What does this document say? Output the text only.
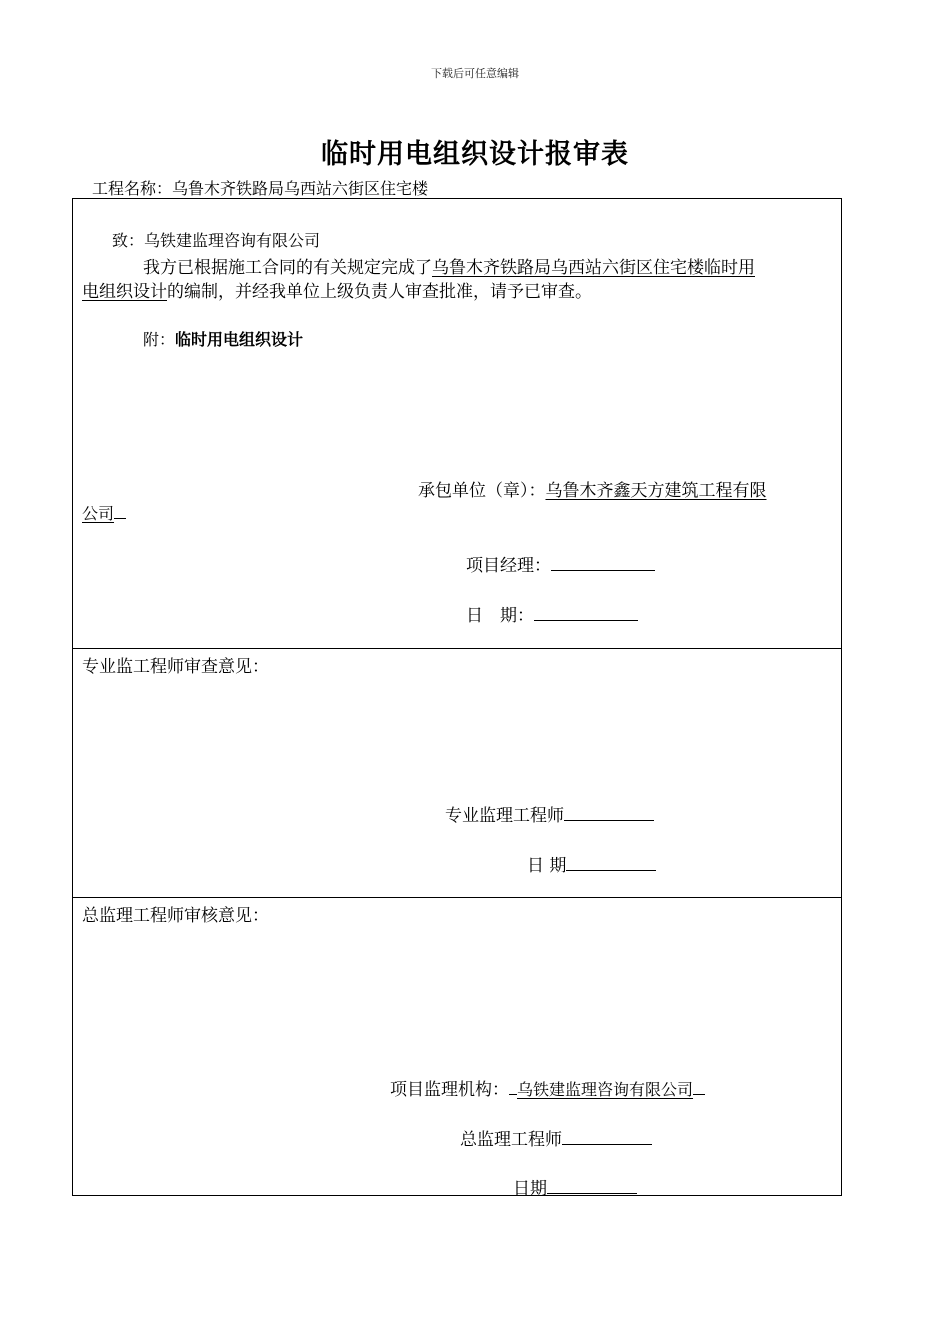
下载后可任意编辑
临时用电组织设计报审表
工程名称：乌鲁木齐铁路局乌西站六街区住宅楼
致：乌铁建监理咨询有限公司
我方已根据施工合同的有关规定完成了乌鲁木齐铁路局乌西站六街区住宅楼临时用
电组织设计的编制，并经我单位上级负责人审查批准，请予已审查。
附：临时用电组织设计
承包单位（章）：乌鲁木齐鑫天方建筑工程有限
公司
项目经理：
日　期：
专业监工程师审查意见：
专业监理工程师
日 期
总监理工程师审核意见：
项目监理机构： 乌铁建监理咨询有限公司
总监理工程师
日期
